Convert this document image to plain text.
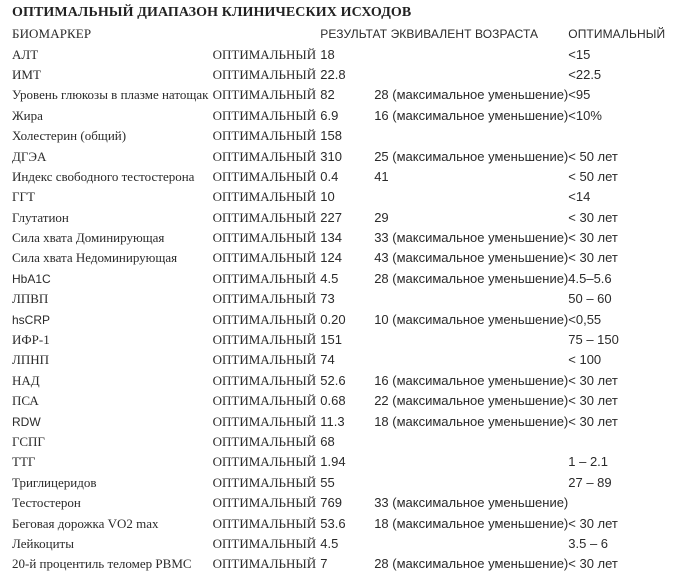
ОПТИМАЛЬНЫЙ ДИАПАЗОН КЛИНИЧЕСКИХ ИСХОДОВ
БИОМАРКЕР		РЕЗУЛЬТАТ ЭКВИВАЛЕНТ ВОЗРАСТА		ОПТИМАЛЬНЫЙ
АЛТ	ОПТИМАЛЬНЫЙ	18		<15
ИМТ	ОПТИМАЛЬНЫЙ	22.8		<22.5
Уровень глюкозы в плазме натощак	ОПТИМАЛЬНЫЙ	82	28 (максимальное уменьшение)	<95
Жира	ОПТИМАЛЬНЫЙ	6.9	16 (максимальное уменьшение)	<10%
Холестерин (общий)	ОПТИМАЛЬНЫЙ	158		
ДГЭА	ОПТИМАЛЬНЫЙ	310	25 (максимальное уменьшение)	< 50 лет
Индекс свободного тестостерона	ОПТИМАЛЬНЫЙ	0.4	41	< 50 лет
ГГТ	ОПТИМАЛЬНЫЙ	10		<14
Глутатион	ОПТИМАЛЬНЫЙ	227	29	< 30 лет
Сила хвата Доминирующая	ОПТИМАЛЬНЫЙ	134	33 (максимальное уменьшение)	< 30 лет
Сила хвата Недоминирующая	ОПТИМАЛЬНЫЙ	124	43 (максимальное уменьшение)	< 30 лет
HbA1C	ОПТИМАЛЬНЫЙ	4.5	28 (максимальное уменьшение)	4.5–5.6
ЛПВП	ОПТИМАЛЬНЫЙ	73		50 – 60
hsCRP	ОПТИМАЛЬНЫЙ	0.20	10 (максимальное уменьшение)	<0,55
ИФР-1	ОПТИМАЛЬНЫЙ	151		75 – 150
ЛПНП	ОПТИМАЛЬНЫЙ	74		< 100
НАД	ОПТИМАЛЬНЫЙ	52.6	16 (максимальное уменьшение)	< 30 лет
ПСА	ОПТИМАЛЬНЫЙ	0.68	22 (максимальное уменьшение)	< 30 лет
RDW	ОПТИМАЛЬНЫЙ	11.3	18 (максимальное уменьшение)	< 30 лет
ГСПГ	ОПТИМАЛЬНЫЙ	68		
ТТГ	ОПТИМАЛЬНЫЙ	1.94		1 – 2.1
Триглицеридов	ОПТИМАЛЬНЫЙ	55		27 – 89
Тестостерон	ОПТИМАЛЬНЫЙ	769	33 (максимальное уменьшение)	
Беговая дорожка VO2 max	ОПТИМАЛЬНЫЙ	53.6	18 (максимальное уменьшение)	< 30 лет
Лейкоциты	ОПТИМАЛЬНЫЙ	4.5		3.5 – 6
20-й процентиль теломер PBMC	ОПТИМАЛЬНЫЙ	7	28 (максимальное уменьшение)	< 30 лет
